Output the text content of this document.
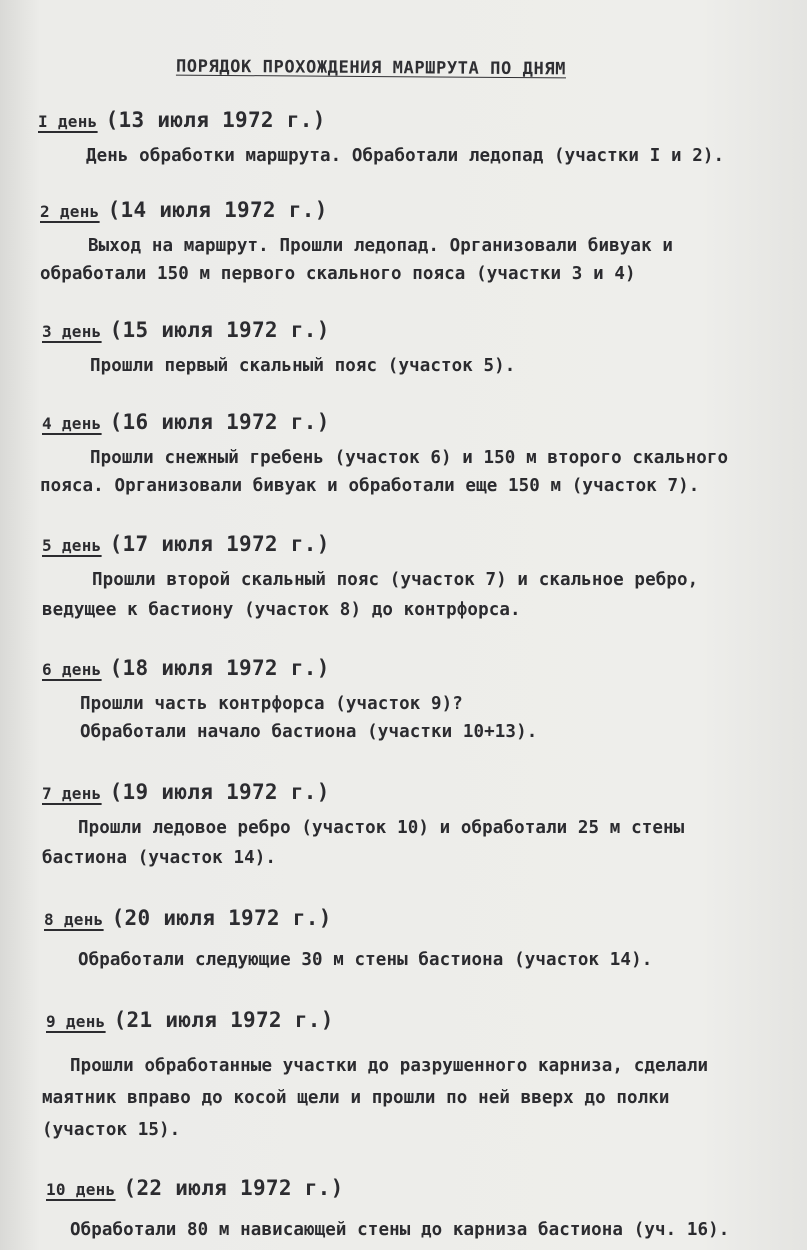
ПОРЯДОК ПРОХОЖДЕНИЯ МАРШРУТА ПО ДНЯМ
I день (13 июля 1972 г.)
День обработки маршрута. Обработали ледопад (участки I и 2).
2 день (14 июля 1972 г.)
Выход на маршрут. Прошли ледопад. Организовали бивуак и
обработали 150 м первого скального пояса (участки 3 и 4)
3 день (15 июля 1972 г.)
Прошли первый скальный пояс (участок 5).
4 день (16 июля 1972 г.)
Прошли снежный гребень (участок 6) и 150 м второго скального
пояса. Организовали бивуак и обработали еще 150 м (участок 7).
5 день (17 июля 1972 г.)
Прошли второй скальный пояс (участок 7) и скальное ребро,
ведущее к бастиону (участок 8) до контрфорса.
6 день (18 июля 1972 г.)
Прошли часть контрфорса (участок 9)?
Обработали начало бастиона (участки 10+13).
7 день (19 июля 1972 г.)
Прошли ледовое ребро (участок 10) и обработали 25 м стены
бастиона (участок 14).
8 день (20 июля 1972 г.)
Обработали следующие 30 м стены бастиона (участок 14).
9 день (21 июля 1972 г.)
Прошли обработанные участки до разрушенного карниза, сделали
маятник вправо до косой щели и прошли по ней вверх до полки
(участок 15).
10 день (22 июля 1972 г.)
Обработали 80 м нависающей стены до карниза бастиона (уч. 16).
